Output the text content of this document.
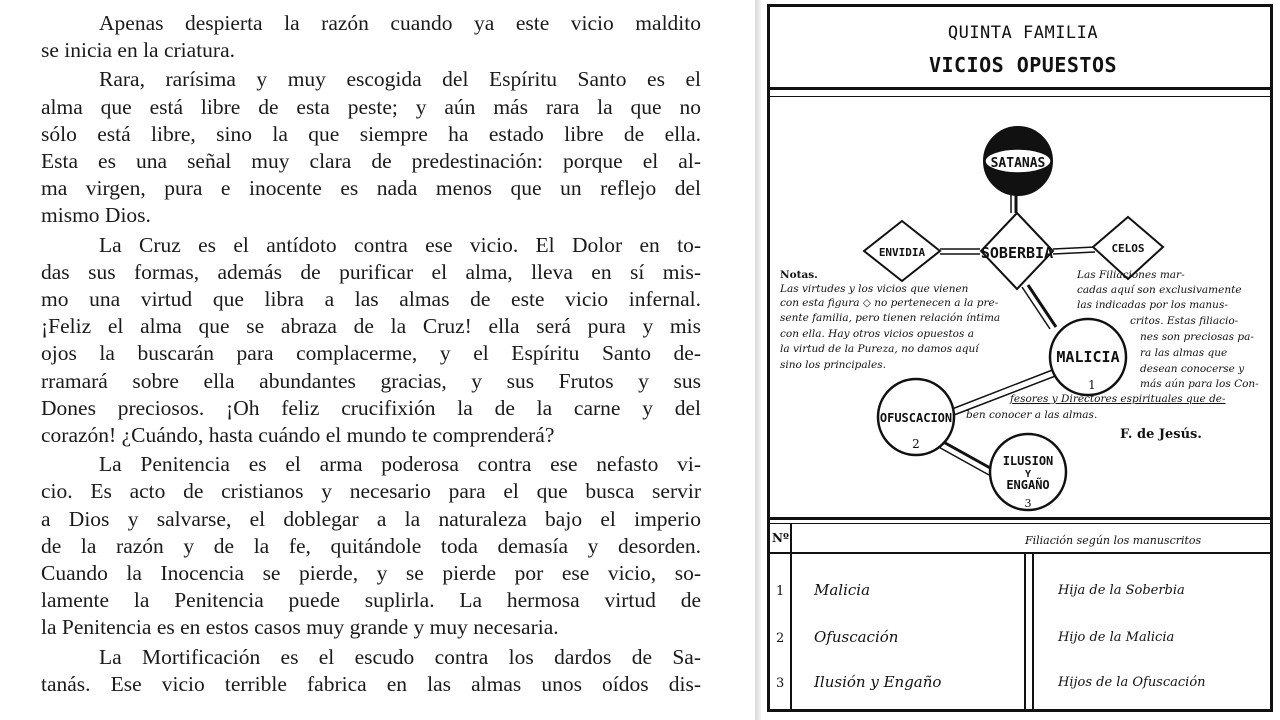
Apenas despierta la razón cuando ya este vicio maldito
se inicia en la criatura.

Rara, rarísima y muy escogida del Espíritu Santo es el
alma que está libre de esta peste; y aún más rara la que no
sólo está libre, sino la que siempre ha estado libre de ella.
Esta es una señal muy clara de predestinación: porque el al-
ma virgen, pura e inocente es nada menos que un reflejo del
mismo Dios.

La Cruz es el antídoto contra ese vicio. El Dolor en to-
das sus formas, además de purificar el alma, lleva en sí mis-
mo una virtud que libra a las almas de este vicio infernal.
¡Feliz el alma que se abraza de la Cruz! ella será pura y mis
ojos la buscarán para complacerme, y el Espíritu Santo de-
rramará sobre ella abundantes gracias, y sus Frutos y sus
Dones preciosos. ¡Oh feliz crucifixión la de la carne y del
corazón! ¿Cuándo, hasta cuándo el mundo te comprenderá?

La Penitencia es el arma poderosa contra ese nefasto vi-
cio. Es acto de cristianos y necesario para el que busca servir
a Dios y salvarse, el doblegar a la naturaleza bajo el imperio
de la razón y de la fe, quitándole toda demasía y desorden.
Cuando la Inocencia se pierde, y se pierde por ese vicio, so-
lamente la Penitencia puede suplirla. La hermosa virtud de
la Penitencia es en estos casos muy grande y muy necesaria.

La Mortificación es el escudo contra los dardos de Sa-
tanás. Ese vicio terrible fabrica en las almas unos oídos dis-

QUINTA FAMILIA
VICIOS OPUESTOS
SATANAS
SOBERBIA
ENVIDIA	CELOS
MALICIA
1
OFUSCACION
2
ILUSION
Y
ENGAÑO
3
Notas.
Las virtudes y los vicios que vienen
con esta figura ◇ no pertenecen a la pre-
sente familia, pero tienen relación íntima
con ella. Hay otros vicios opuestos a
la virtud de la Pureza, no damos aquí
sino los principales.
Las Filiaciones mar-
cadas aquí son exclusivamente
las indicadas por los manus-
critos. Estas filiacio-
nes son preciosas pa-
ra las almas que
desean conocerse y
más aún para los Con-
fesores y Directores espirituales que de-
ben conocer a las almas.
F. de Jesús.
Nº	Filiación según los manuscritos
1 Malicia	Hija de la Soberbia
2 Ofuscación	Hijo de la Malicia
3 Ilusión y Engaño	Hijos de la Ofuscación
